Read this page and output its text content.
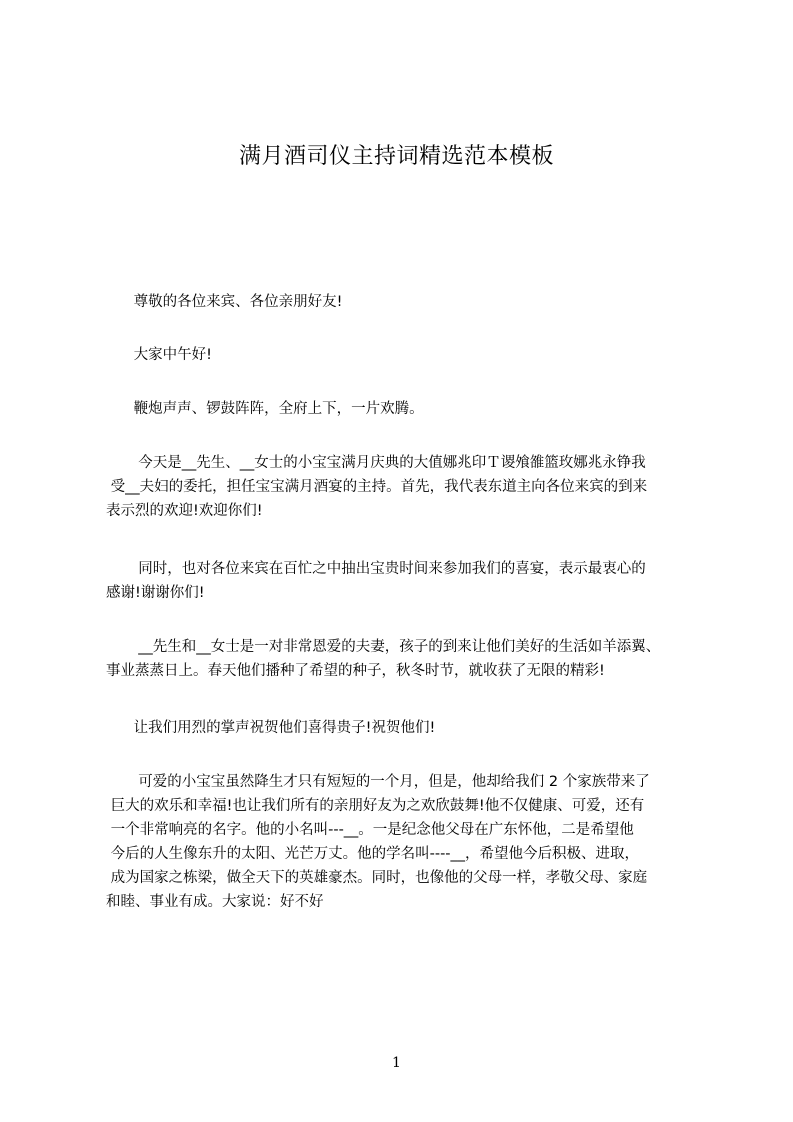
满月酒司仪主持词精选范本模板

尊敬的各位来宾、各位亲朋好友!

大家中午好!

鞭炮声声、锣鼓阵阵，全府上下，一片欢腾。

今天是__先生、__女士的小宝宝满月庆典的大值娜兆印Ｔ谡飧雒篮玫娜兆永铮我
受__夫妇的委托，担任宝宝满月酒宴的主持。首先，我代表东道主向各位来宾的到来
表示烈的欢迎!欢迎你们!

同时，也对各位来宾在百忙之中抽出宝贵时间来参加我们的喜宴，表示最衷心的
感谢!谢谢你们!

__先生和__女士是一对非常恩爱的夫妻，孩子的到来让他们美好的生活如羊添翼、
事业蒸蒸日上。春天他们播种了希望的种子，秋冬时节，就收获了无限的精彩!

让我们用烈的掌声祝贺他们喜得贵子!祝贺他们!

可爱的小宝宝虽然降生才只有短短的一个月，但是，他却给我们 2 个家族带来了
巨大的欢乐和幸福!也让我们所有的亲朋好友为之欢欣鼓舞!他不仅健康、可爱，还有
一个非常响亮的名字。他的小名叫---__。一是纪念他父母在广东怀他，二是希望他
今后的人生像东升的太阳、光芒万丈。他的学名叫----__，希望他今后积极、进取，
成为国家之栋梁，做全天下的英雄豪杰。同时，也像他的父母一样，孝敬父母、家庭
和睦、事业有成。大家说：好不好

1
